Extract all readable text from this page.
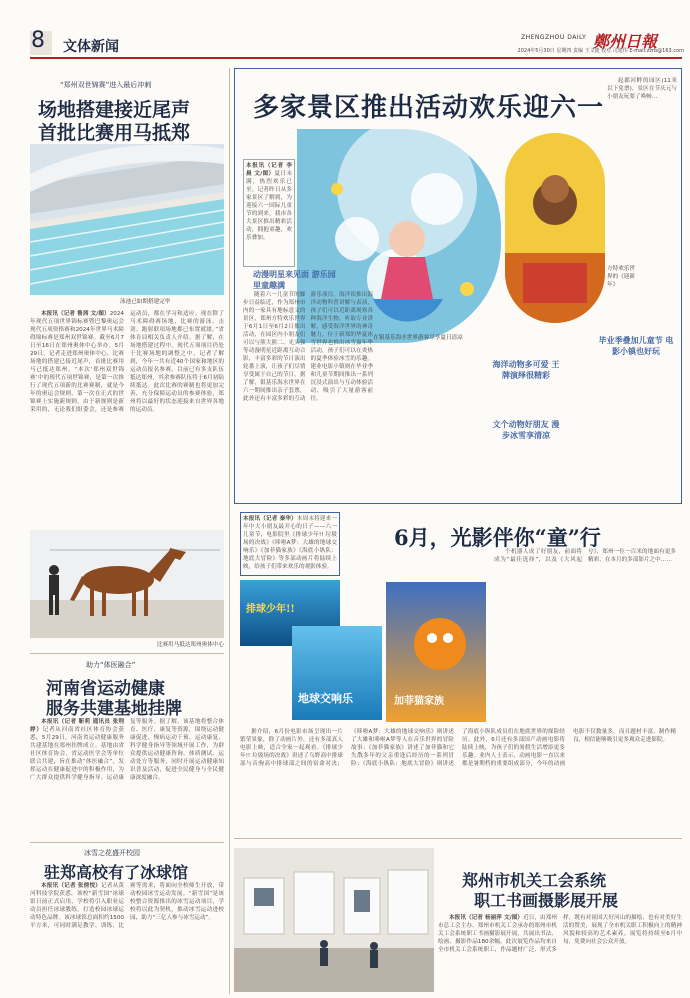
8 文体新闻
ZHENGZHOU DAILY 鄭州日報
2024年5月30日 星期四 责编 王文捷 校对 司建伟 E-mail:zzrb@163.com
“郑州双世锦赛”进入最后冲刺
场地搭建接近尾声
首批比赛用马抵郑
泳池已如期搭建完毕

本报讯（记者 鲁茜 文/图）2024年现代五项世界锦标赛暨巴黎奥运会现代五项资格赛和2024年世界马术障碍锦标赛是郑州双世锦赛。截至6月7日至16日在郑州奥体中心举办。5月29日，记者走进郑州奥体中心，比赛场地的搭建已接近尾声，首批比赛用马已抵达郑州。“本次‘郑州双世锦赛’中的现代五项世锦赛，是第一次推行了现代五项新的比赛赛制，就是今年的奥运会规则，第一次在正式的世锦赛上实施新规则，由于新规则是新采用的，无论我们组委会，还是参赛运动员，都在学习和适应。现在除了马术障碍赛场地，比赛的游泳、击剑、跑射联项场地都已布置就绪。”省体育局相关负责人介绍。据了解，在场地搭建过程中，现代五项项目仍处于比赛场地的调整之中，记者了解到，今年一共有近40个国家和地区的运动员报名参赛，目前已有多支队伍抵达郑州，其余参赛队伍将于6月初陆续抵达。此次比赛的赛制也将更加完善，充分保障运动员的参赛体验，郑州将以最好的状态迎接来自世界各地的运动员。

比赛用马抵达郑州奥体中心
助力“体医融合”
河南省运动健康
服务共建基地挂牌

本报讯（记者 靳莉 通讯员 张荆婷）记者从河南省社区体育协会获悉，5月29日，河南省运动健康服务共建基地在郑州挂牌成立。基地由省社区体育协会、省运动医学会等单位联合共建，旨在推动“体医融合”，发挥运动在健康促进中的积极作用，为广大群众提供科学健身指导、运动康复等服务。据了解，该基地将整合体育、医疗、康复等资源，围绕运动健康促进、慢病运动干预、运动康复、科学健身指导等领域开展工作，为群众提供运动健康咨询、体质测试、运动处方等服务，同时开展运动健康知识普及活动，促进全民健身与全民健康深度融合。

冰雪之花盛开校园
驻郑高校有了冰球馆

本报讯（记者 张倩悦）记者从黄河科技学院获悉，该校“新雪国”冰球馆日前正式启用，学校将引入职业运动员担任冰球教练，打造校园冰球运动特色品牌。该冰球馆总面积约1500平方米，可同时满足教学、训练、比赛等需求，将面向全校师生开放，带动校园冰雪运动发展。“新雪国”是该校整合资源推出的冰雪运动项目，学校将以此为契机，推动冰雪运动进校园，助力“三亿人参与冰雪运动”。

多家景区推出活动欢乐迎六一
本报讯（记者 李晨 文/图）夏日未满，热烈欢乐已至。记者昨日从多家景区了解到，为迎接六一国际儿童节的到来，我市各大景区推出精彩活动，拥抱童趣，欢乐叠加。
在银基乐海水世界游客尽享夏日清凉
方特欢乐世界的《迎新年》
动漫明星来见面 游乐园里童趣满
海洋动物多可爱 王牌演绎很精彩
文个动物好朋友 漫步冰雪享清凉
毕业季叠加儿童节 电影小镇也好玩

随着六一儿童节的脚步日益临近，作为郑州市内的一家具有地标意义的景区，郑州方特欢乐世界于6月1日至6月2日推出活动，在园区内小朋友们可以与熊大熊二、光头强等动漫明星近距离互动合影，丰富多彩的节日演出轮番上演，让孩子们尽情享受属于自己的节日。据了解，银基乐海水世界在六一期间推出亲子套票，此外还有丰富多彩的互动游乐项目。海洋馆推出海洋动物科普讲解与表演，孩子们可以近距离观察各种海洋生物，听取专业讲解，感受海洋世界的神奇魅力。位于新郑的华夏冰雪世界也推出冰雪嘉年华活动，孩子们可以在炎热的夏季体验冰雪的乐趣。建业电影小镇则在毕业季和儿童节期间推出一系列沉浸式演出与互动体验活动，吸引了大量游客前往。

起郡河畔的园区(11米以下免票)，景区在节庆元与小朋友玩耍了唤畅…

6月，光影伴你“童”行
本报讯（记者 秦华）本周末将迎来一年中大小朋友最开心的日子——六一儿童节，电影院里《排球少年!! 垃圾场的决战》《哆啦A梦：大雄的地球交响乐》《加菲猫家族》《海底小纵队：地底大冒险》等多部动画片将陆续上映，给孩子们带来欢乐的观影体验。
排球少年!!
地球交响乐	加菲猫家族

据介绍，6月份电影市场呈现出一片繁荣景象，除了动画片外，还有多部真人电影上映，适合全家一起观看。《排球少年!! 垃圾场的决战》讲述了乌野高中排球部与音驹高中排球部之间的宿命对决；《哆啦A梦：大雄的地球交响乐》则讲述了大雄和哆啦A梦等人在音乐世界的冒险故事；《加菲猫家族》讲述了加菲猫和它失散多年的父亲重逢后经历的一系列冒险；《海底小纵队：地底大冒险》则讲述了海底小纵队成员们在地底世界的探险经历。此外，6月还有多部国产动画电影将陆续上映，为孩子们的暑假生活增添更多乐趣。业内人士表示，动画电影一直以来都是暑期档的重要组成部分，今年的动画电影不仅数量多，而且题材丰富、制作精良，相信能够吸引更多观众走进影院。

个机器人成了好朋友，前面将成为“最佳选择”，以及《大风起兮》，郑州一位一百米的地面有更多精彩，在本月的多部影片之中……

郑州市机关工会系统
职工书画摄影展开展

本报讯（记者 杨丽萍 文/图）近日，由郑州市总工会主办、郑州市机关工会承办的郑州市机关工会系统职工书画摄影展开展，共展出书法、绘画、摄影作品180余幅。此次展览作品均来自全市机关工会系统职工，作品题材广泛、形式多样，既有对祖国大好河山的描绘，也有对美好生活的赞美，展现了全市机关职工积极向上的精神风貌和较高的艺术素养。展览将持续至6月中旬，免费向社会公众开放。
